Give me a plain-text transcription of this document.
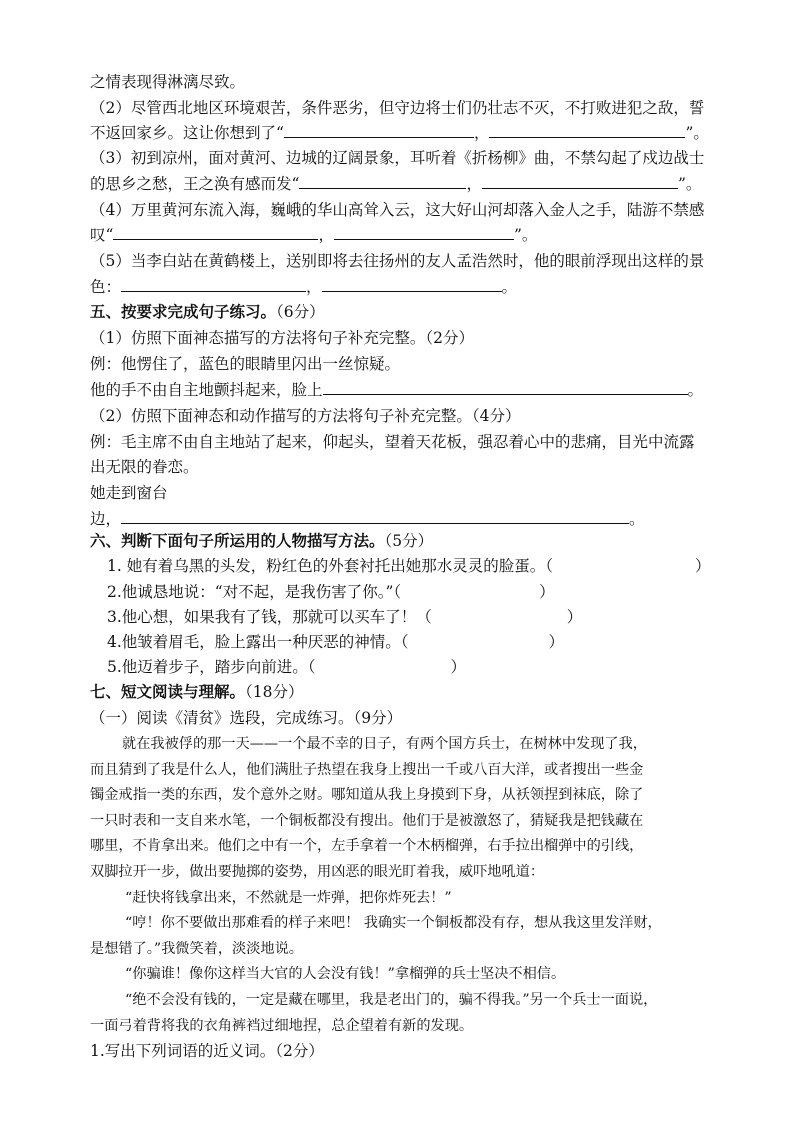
之情表现得淋漓尽致。
（2）尽管西北地区环境艰苦，条件恶劣，但守边将士们仍壮志不灭，不打败进犯之敌，誓
不返回家乡。这让你想到了“	，	”。
（3）初到凉州，面对黄河、边城的辽阔景象，耳听着《折杨柳》曲，不禁勾起了戍边战士
的思乡之愁，王之涣有感而发“	，	”。
（4）万里黄河东流入海，巍峨的华山高耸入云，这大好山河却落入金人之手，陆游不禁感
叹“	，	”。
（5）当李白站在黄鹤楼上，送别即将去往扬州的友人孟浩然时，他的眼前浮现出这样的景
色：	，	。
五、按要求完成句子练习。（6分）
（1）仿照下面神态描写的方法将句子补充完整。（2分）
例：他愣住了，蓝色的眼睛里闪出一丝惊疑。
他的手不由自主地颤抖起来，脸上	。
（2）仿照下面神态和动作描写的方法将句子补充完整。（4分）
例：毛主席不由自主地站了起来，仰起头，望着天花板，强忍着心中的悲痛，目光中流露
出无限的眷恋。
她走到窗台
边，	。
六、判断下面句子所运用的人物描写方法。（5分）
1. 她有着乌黑的头发，粉红色的外套衬托出她那水灵灵的脸蛋。（	）
2.他诚恳地说：“对不起，是我伤害了你。”（	）
3.他心想，如果我有了钱，那就可以买车了！（	）
4.他皱着眉毛，脸上露出一种厌恶的神情。（	）
5.他迈着步子，踏步向前进。（	）
七、短文阅读与理解。（18分）
（一）阅读《清贫》选段，完成练习。（9分）
就在我被俘的那一天——一个最不幸的日子，有两个国方兵士，在树林中发现了我，
而且猜到了我是什么人，他们满肚子热望在我身上搜出一千或八百大洋，或者搜出一些金
镯金戒指一类的东西，发个意外之财。哪知道从我上身摸到下身，从袄领捏到袜底，除了
一只时表和一支自来水笔，一个铜板都没有搜出。他们于是被激怒了，猜疑我是把钱藏在
哪里，不肯拿出来。他们之中有一个，左手拿着一个木柄榴弹，右手拉出榴弹中的引线，
双脚拉开一步，做出要抛掷的姿势，用凶恶的眼光盯着我，威吓地吼道：
“赶快将钱拿出来，不然就是一炸弹，把你炸死去！”
“哼！你不要做出那难看的样子来吧！ 我确实一个铜板都没有存，想从我这里发洋财，
是想错了。”我微笑着，淡淡地说。
“你骗谁！像你这样当大官的人会没有钱！”拿榴弹的兵士坚决不相信。
“绝不会没有钱的，一定是藏在哪里，我是老出门的，骗不得我。”另一个兵士一面说，
一面弓着背将我的衣角裤裆过细地捏，总企望着有新的发现。
1.写出下列词语的近义词。（2分）
